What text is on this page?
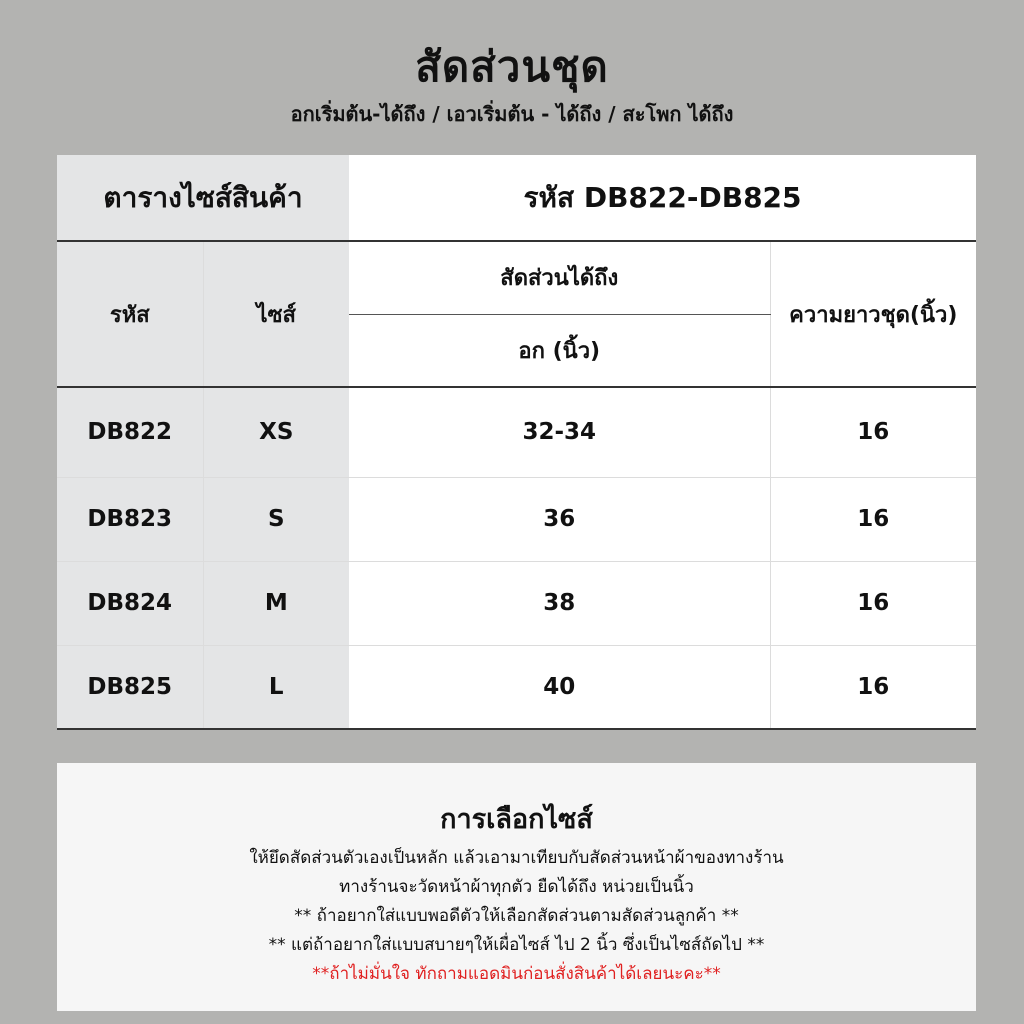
สัดส่วนชุด
อกเริ่มต้น-ได้ถึง / เอวเริ่มต้น - ได้ถึง / สะโพก ได้ถึง
ตารางไซส์สินค้า		รหัส DB822-DB825	
รหัส	ไซส์	สัดส่วนได้ถึง	ความยาวชุด(นิ้ว)
		อก (นิ้ว)	
DB822	XS	32-34	16
DB823	S	36	16
DB824	M	38	16
DB825	L	40	16
การเลือกไซส์
ให้ยึดสัดส่วนตัวเองเป็นหลัก แล้วเอามาเทียบกับสัดส่วนหน้าผ้าของทางร้าน
ทางร้านจะวัดหน้าผ้าทุกตัว ยืดได้ถึง หน่วยเป็นนิ้ว
** ถ้าอยากใส่แบบพอดีตัวให้เลือกสัดส่วนตามสัดส่วนลูกค้า **
** แต่ถ้าอยากใส่แบบสบายๆให้เผื่อไซส์ ไป 2 นิ้ว ซึ่งเป็นไซส์ถัดไป **
**ถ้าไม่มั่นใจ ทักถามแอดมินก่อนสั่งสินค้าได้เลยนะคะ**
